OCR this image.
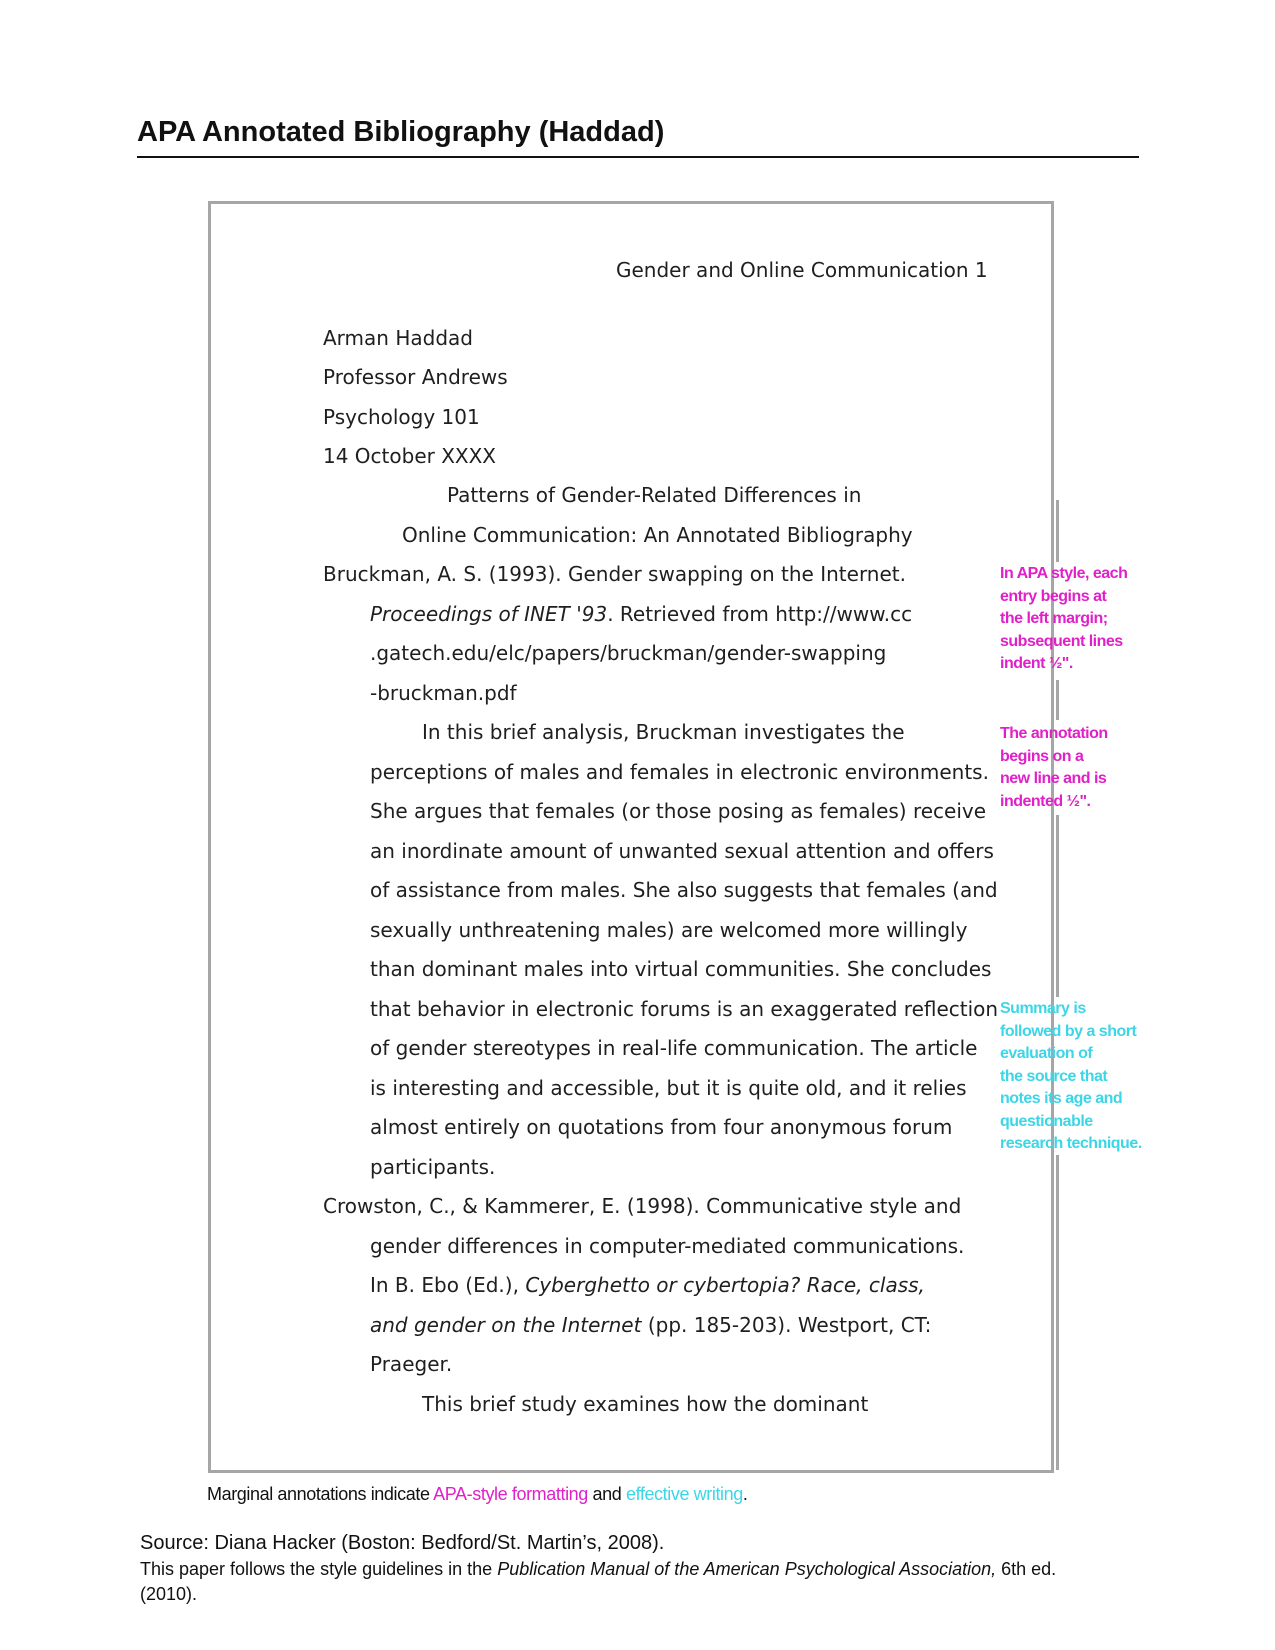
APA Annotated Bibliography (Haddad)

Gender and Online Communication 1

Arman Haddad

Professor Andrews

Psychology 101

14 October XXXX

Patterns of Gender-Related Differences in

Online Communication: An Annotated Bibliography

Bruckman, A. S. (1993). Gender swapping on the Internet.

Proceedings of INET '93. Retrieved from http://www.cc

.gatech.edu/elc/papers/bruckman/gender-swapping

-bruckman.pdf

In this brief analysis, Bruckman investigates the

perceptions of males and females in electronic environments.

She argues that females (or those posing as females) receive

an inordinate amount of unwanted sexual attention and offers

of assistance from males. She also suggests that females (and

sexually unthreatening males) are welcomed more willingly

than dominant males into virtual communities. She concludes

that behavior in electronic forums is an exaggerated reflection

of gender stereotypes in real-life communication. The article

is interesting and accessible, but it is quite old, and it relies

almost entirely on quotations from four anonymous forum

participants.

Crowston, C., & Kammerer, E. (1998). Communicative style and

gender differences in computer-mediated communications.

In B. Ebo (Ed.), Cyberghetto or cybertopia? Race, class,

and gender on the Internet (pp. 185-203). Westport, CT:

Praeger.

This brief study examines how the dominant

In APA style, each
entry begins at
the left margin;
subsequent lines
indent ½".
The annotation
begins on a
new line and is
indented ½".
Summary is
followed by a short
evaluation of
the source that
notes its age and
questionable
research technique.

Marginal annotations indicate APA-style formatting and effective writing.

Source: Diana Hacker (Boston: Bedford/St. Martin’s, 2008).

This paper follows the style guidelines in the Publication Manual of the American Psychological Association, 6th ed.

(2010).
